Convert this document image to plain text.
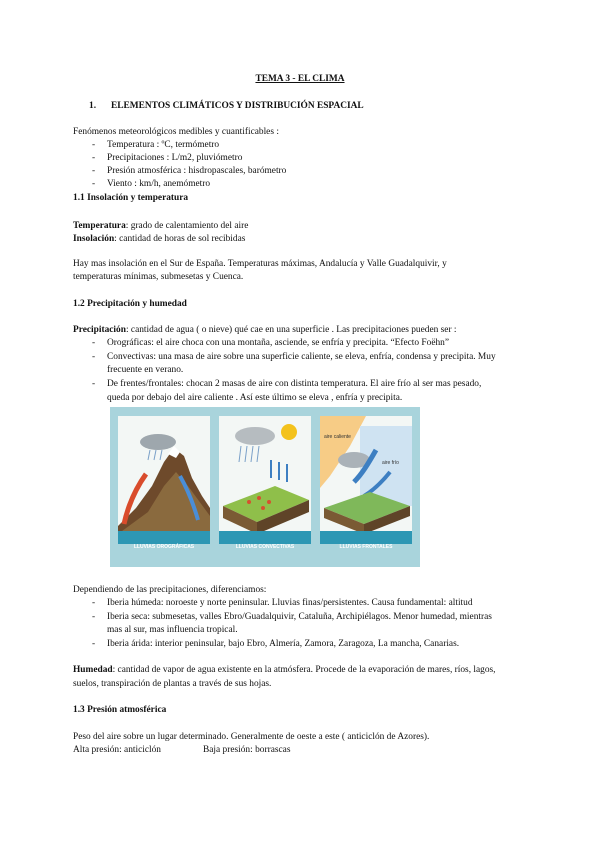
TEMA 3 - EL CLIMA
1. ELEMENTOS CLIMÁTICOS Y DISTRIBUCIÓN ESPACIAL
Fenómenos meteorológicos medibles y cuantificables :
- Temperatura : ºC, termómetro
- Precipitaciones : L/m2, pluviómetro
- Presión atmosférica : hisdropascales, barómetro
- Viento : km/h, anemómetro
1.1 Insolación y temperatura
Temperatura: grado de calentamiento del aire
Insolación: cantidad de horas de sol recibidas
Hay mas insolación en el Sur de España. Temperaturas máximas, Andalucía y Valle Guadalquivir, y
temperaturas mínimas, submesetas y Cuenca.
1.2 Precipitación y humedad
Precipitación: cantidad de agua ( o nieve) qué cae en una superficie . Las precipitaciones pueden ser :
- Orográficas: el aire choca con una montaña, asciende, se enfría y precipita. “Efecto Foëhn”
- Convectivas: una masa de aire sobre una superficie caliente, se eleva, enfría, condensa y precipita. Muy
frecuente en verano.
- De frentes/frontales: chocan 2 masas de aire con distinta temperatura. El aire frío al ser mas pesado,
queda por debajo del aire caliente . Así este último se eleva , enfría y precipita.
LLUVIAS OROGRÁFICAS	LLUVIAS CONVECTIVAS
aire caliente
aire frío
LLUVIAS FRONTALES
Dependiendo de las precipitaciones, diferenciamos:
- Iberia húmeda: noroeste y norte peninsular. Lluvias finas/persistentes. Causa fundamental: altitud
- Iberia seca: submesetas, valles Ebro/Guadalquivir, Cataluña, Archipiélagos. Menor humedad, mientras
mas al sur, mas influencia tropical.
- Iberia árida: interior peninsular, bajo Ebro, Almería, Zamora, Zaragoza, La mancha, Canarias.
Humedad: cantidad de vapor de agua existente en la atmósfera. Procede de la evaporación de mares, ríos, lagos,
suelos, transpiración de plantas a través de sus hojas.
1.3 Presión atmosférica
Peso del aire sobre un lugar determinado. Generalmente de oeste a este ( anticiclón de Azores).
Alta presión: anticiclón	Baja presión: borrascas
